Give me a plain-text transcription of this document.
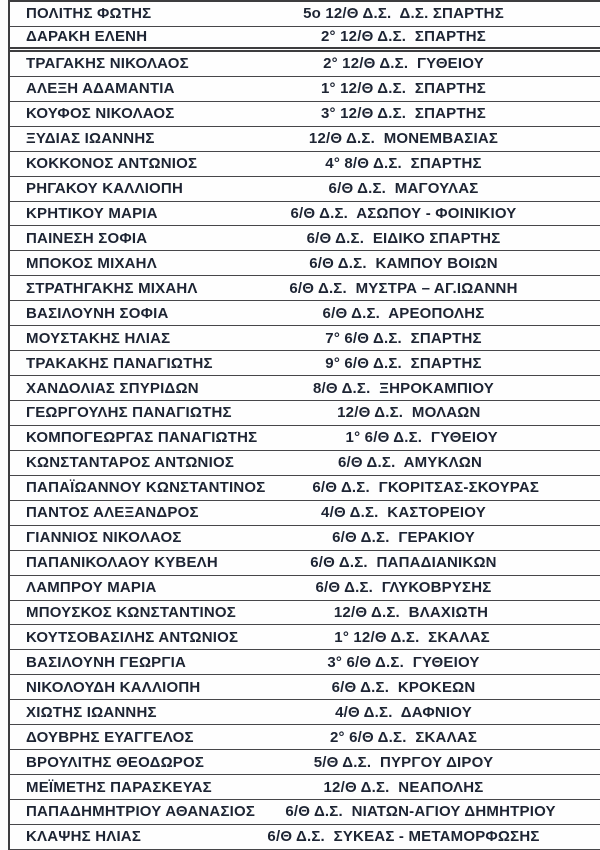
ΠΟΛΙΤΗΣ ΦΩΤΗΣ	5ο 12/Θ Δ.Σ.  Δ.Σ. ΣΠΑΡΤΗΣ
ΔΑΡΑΚΗ ΕΛΕΝΗ	2° 12/Θ Δ.Σ.  ΣΠΑΡΤΗΣ
ΤΡΑΓΑΚΗΣ ΝΙΚΟΛΑΟΣ	2° 12/Θ Δ.Σ.  ΓΥΘΕΙΟΥ
ΑΛΕΞΗ ΑΔΑΜΑΝΤΙΑ	1° 12/Θ Δ.Σ.  ΣΠΑΡΤΗΣ
ΚΟΥΦΟΣ ΝΙΚΟΛΑΟΣ	3° 12/Θ Δ.Σ.  ΣΠΑΡΤΗΣ
ΞΥΔΙΑΣ ΙΩΑΝΝΗΣ	12/Θ Δ.Σ.  ΜΟΝΕΜΒΑΣΙΑΣ
ΚΟΚΚΟΝΟΣ ΑΝΤΩΝΙΟΣ	4° 8/Θ Δ.Σ.  ΣΠΑΡΤΗΣ
ΡΗΓΑΚΟΥ ΚΑΛΛΙΟΠΗ	6/Θ Δ.Σ.  ΜΑΓΟΥΛΑΣ
ΚΡΗΤΙΚΟΥ ΜΑΡΙΑ	6/Θ Δ.Σ.  ΑΣΩΠΟΥ - ΦΟΙΝΙΚΙΟΥ
ΠΑΙΝΕΣΗ ΣΟΦΙΑ	6/Θ Δ.Σ.  ΕΙΔΙΚΟ ΣΠΑΡΤΗΣ
ΜΠΟΚΟΣ ΜΙΧΑΗΛ	6/Θ Δ.Σ.  ΚΑΜΠΟΥ ΒΟΙΩΝ
ΣΤΡΑΤΗΓΑΚΗΣ ΜΙΧΑΗΛ	6/Θ Δ.Σ.  ΜΥΣΤΡΑ – ΑΓ.ΙΩΑΝΝΗ
ΒΑΣΙΛΟΥΝΗ ΣΟΦΙΑ	6/Θ Δ.Σ.  ΑΡΕΟΠΟΛΗΣ
ΜΟΥΣΤΑΚΗΣ ΗΛΙΑΣ	7° 6/Θ Δ.Σ.  ΣΠΑΡΤΗΣ
ΤΡΑΚΑΚΗΣ ΠΑΝΑΓΙΩΤΗΣ	9° 6/Θ Δ.Σ.  ΣΠΑΡΤΗΣ
ΧΑΝΔΟΛΙΑΣ ΣΠΥΡΙΔΩΝ	8/Θ Δ.Σ.  ΞΗΡΟΚΑΜΠΙΟΥ
ΓΕΩΡΓΟΥΛΗΣ ΠΑΝΑΓΙΩΤΗΣ	12/Θ Δ.Σ.  ΜΟΛΑΩΝ
ΚΟΜΠΟΓΕΩΡΓΑΣ ΠΑΝΑΓΙΩΤΗΣ	1° 6/Θ Δ.Σ.  ΓΥΘΕΙΟΥ
ΚΩΝΣΤΑΝΤΑΡΟΣ ΑΝΤΩΝΙΟΣ	6/Θ Δ.Σ.  ΑΜΥΚΛΩΝ
ΠΑΠΑΪΩΑΝΝΟΥ ΚΩΝΣΤΑΝΤΙΝΟΣ	6/Θ Δ.Σ.  ΓΚΟΡΙΤΣΑΣ-ΣΚΟΥΡΑΣ
ΠΑΝΤΟΣ ΑΛΕΞΑΝΔΡΟΣ	4/Θ Δ.Σ.  ΚΑΣΤΟΡΕΙΟΥ
ΓΙΑΝΝΙΟΣ ΝΙΚΟΛΑΟΣ	6/Θ Δ.Σ.  ΓΕΡΑΚΙΟΥ
ΠΑΠΑΝΙΚΟΛΑΟΥ ΚΥΒΕΛΗ	6/Θ Δ.Σ.  ΠΑΠΑΔΙΑΝΙΚΩΝ
ΛΑΜΠΡΟΥ ΜΑΡΙΑ	6/Θ Δ.Σ.  ΓΛΥΚΟΒΡΥΣΗΣ
ΜΠΟΥΣΚΟΣ ΚΩΝΣΤΑΝΤΙΝΟΣ	12/Θ Δ.Σ.  ΒΛΑΧΙΩΤΗ
ΚΟΥΤΣΟΒΑΣΙΛΗΣ ΑΝΤΩΝΙΟΣ	1° 12/Θ Δ.Σ.  ΣΚΑΛΑΣ
ΒΑΣΙΛΟΥΝΗ ΓΕΩΡΓΙΑ	3° 6/Θ Δ.Σ.  ΓΥΘΕΙΟΥ
ΝΙΚΟΛΟΥΔΗ ΚΑΛΛΙΟΠΗ	6/Θ Δ.Σ.  ΚΡΟΚΕΩΝ
ΧΙΩΤΗΣ ΙΩΑΝΝΗΣ	4/Θ Δ.Σ.  ΔΑΦΝΙΟΥ
ΔΟΥΒΡΗΣ ΕΥΑΓΓΕΛΟΣ	2° 6/Θ Δ.Σ.  ΣΚΑΛΑΣ
ΒΡΟΥΛΙΤΗΣ ΘΕΟΔΩΡΟΣ	5/Θ Δ.Σ.  ΠΥΡΓΟΥ ΔΙΡΟΥ
ΜΕΪΜΕΤΗΣ ΠΑΡΑΣΚΕΥΑΣ	12/Θ Δ.Σ.  ΝΕΑΠΟΛΗΣ
ΠΑΠΑΔΗΜΗΤΡΙΟΥ ΑΘΑΝΑΣΙΟΣ	6/Θ Δ.Σ.  ΝΙΑΤΩΝ-ΑΓΙΟΥ ΔΗΜΗΤΡΙΟΥ
ΚΛΑΨΗΣ ΗΛΙΑΣ	6/Θ Δ.Σ.  ΣΥΚΕΑΣ - ΜΕΤΑΜΟΡΦΩΣΗΣ
